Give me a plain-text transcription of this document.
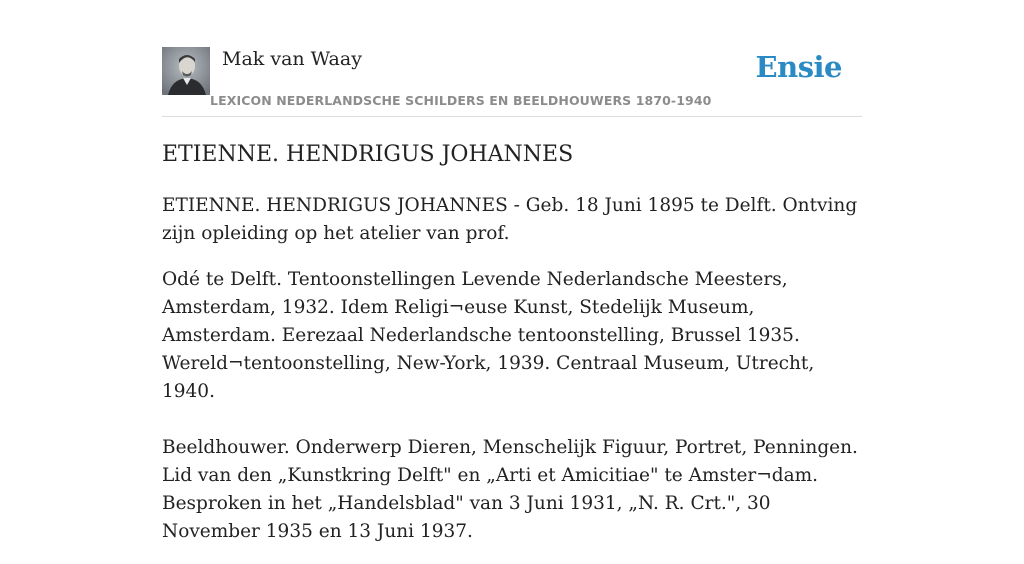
Mak van Waay
LEXICON NEDERLANDSCHE SCHILDERS EN BEELDHOUWERS 1870-1940
Ensie
ETIENNE. HENDRIGUS JOHANNES

ETIENNE. HENDRIGUS JOHANNES - Geb. 18 Juni 1895 te Delft. Ontving zijn opleiding op het atelier van prof.

Odé te Delft. Tentoonstellingen Levende Nederlandsche Meesters, Amsterdam, 1932. Idem Religi¬euse Kunst, Stedelijk Museum, Amsterdam. Eerezaal Nederlandsche tentoonstelling, Brussel 1935. Wereld¬tentoonstelling, New-York, 1939. Centraal Museum, Utrecht, 1940.

Beeldhouwer. Onderwerp Dieren, Menschelijk Figuur, Portret, Penningen. Lid van den „Kunstkring Delft" en „Arti et Amicitiae" te Amster¬dam. Besproken in het „Handelsblad" van 3 Juni 1931, „N. R. Crt.", 30 November 1935 en 13 Juni 1937.
